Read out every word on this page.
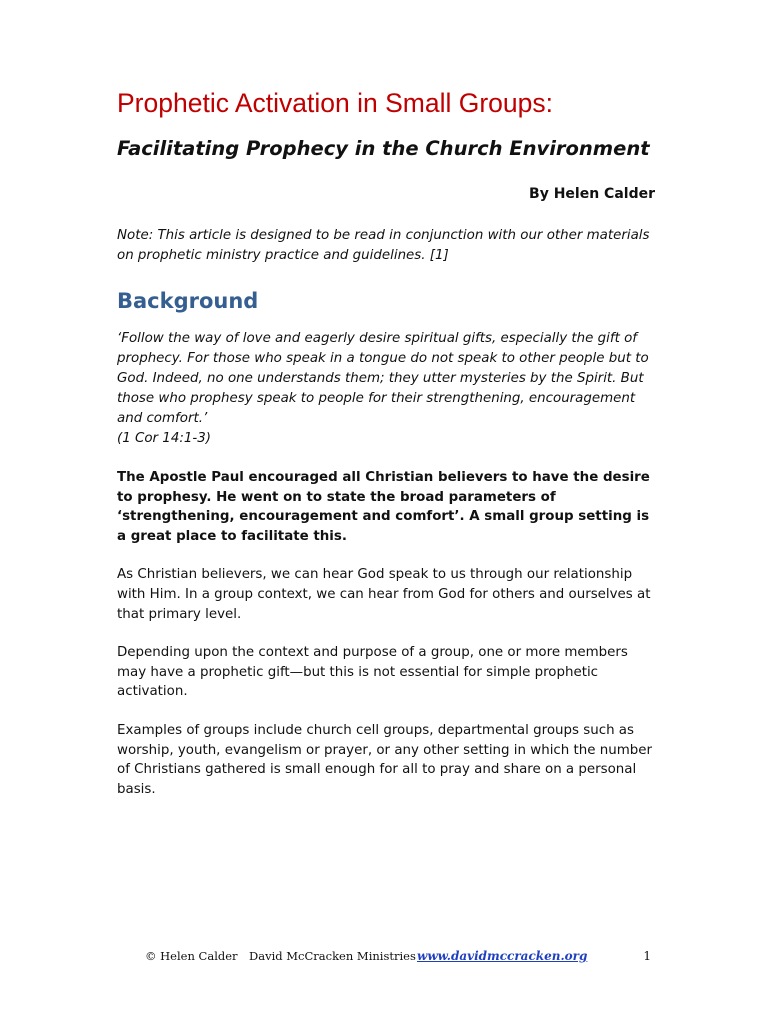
Prophetic Activation in Small Groups:
Facilitating Prophecy in the Church Environment
By Helen Calder

Note: This article is designed to be read in conjunction with our other materials on prophetic ministry practice and guidelines. [1]

Background

‘Follow the way of love and eagerly desire spiritual gifts, especially the gift of prophecy. For those who speak in a tongue do not speak to other people but to God. Indeed, no one understands them; they utter mysteries by the Spirit. But those who prophesy speak to people for their strengthening, encouragement and comfort.’
(1 Cor 14:1-3)

The Apostle Paul encouraged all Christian believers to have the desire to prophesy. He went on to state the broad parameters of ‘strengthening, encouragement and comfort’. A small group setting is a great place to facilitate this.

As Christian believers, we can hear God speak to us through our relationship with Him. In a group context, we can hear from God for others and ourselves at that primary level.

Depending upon the context and purpose of a group, one or more members may have a prophetic gift—but this is not essential for simple prophetic activation.

Examples of groups include church cell groups, departmental groups such as worship, youth, evangelism or prayer, or any other setting in which the number of Christians gathered is small enough for all to pray and share on a personal basis.

© Helen Calder David McCracken Ministries www.davidmccracken.org	1
